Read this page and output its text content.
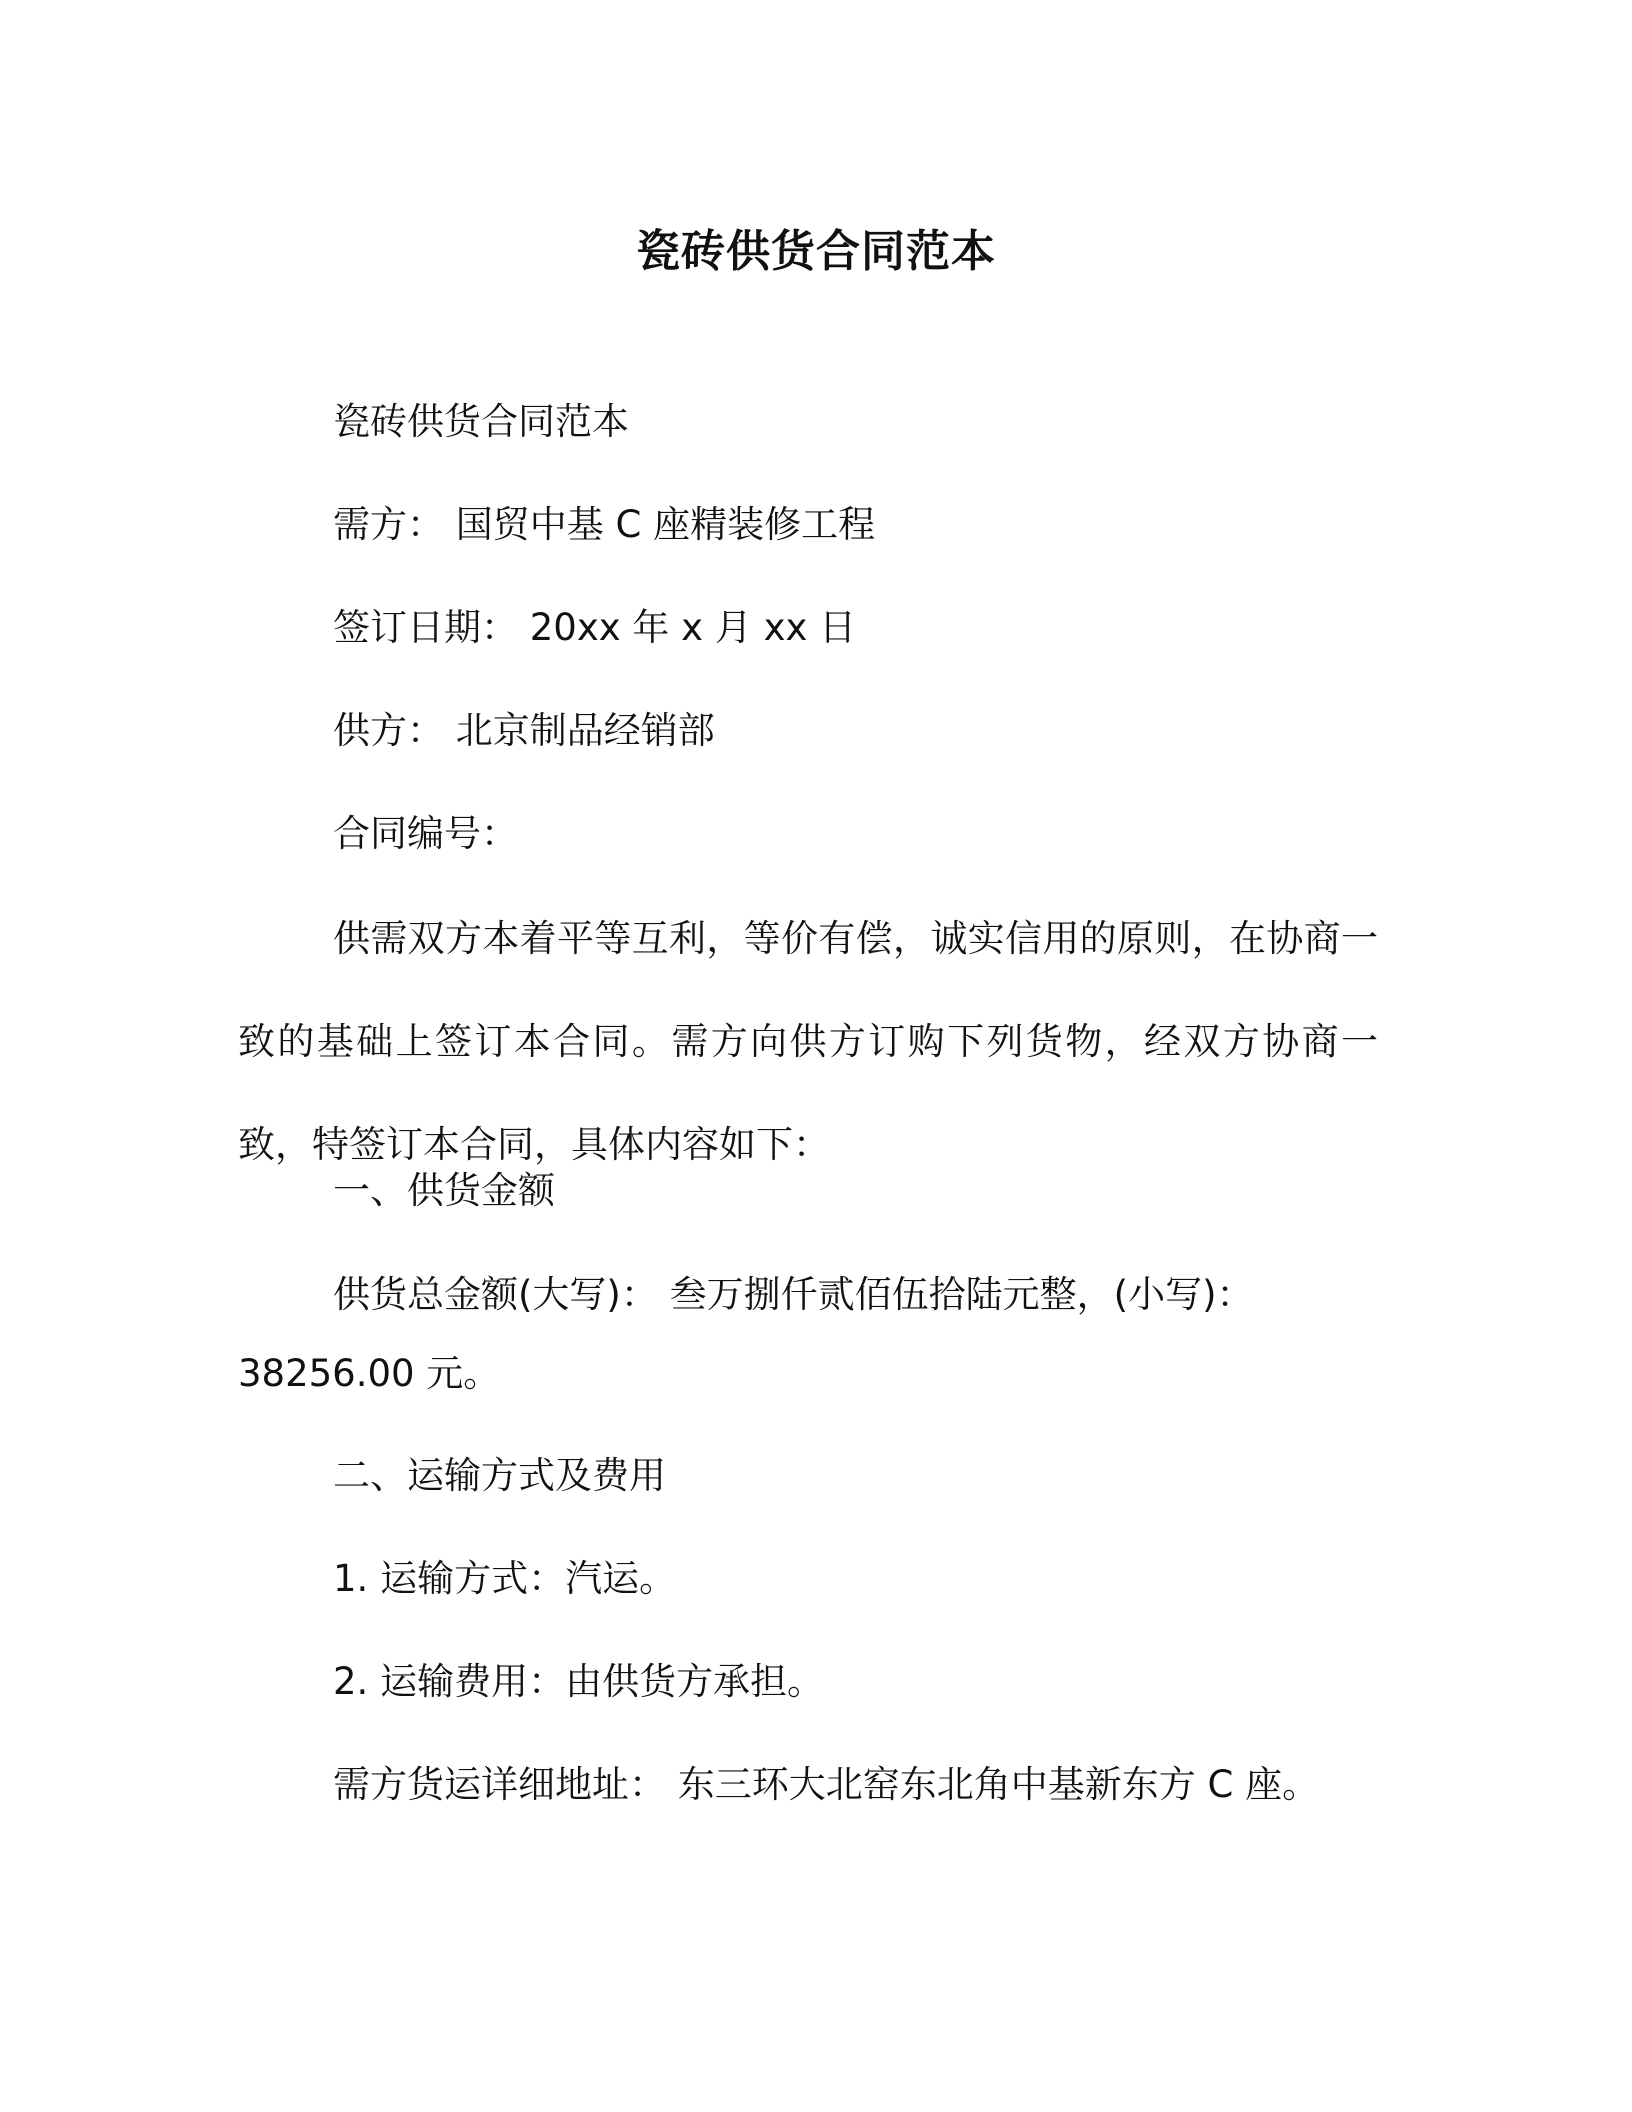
瓷砖供货合同范本
瓷砖供货合同范本
需方： 国贸中基 C 座精装修工程
签订日期： 20xx 年 x 月 xx 日
供方： 北京制品经销部
合同编号：
供需双方本着平等互利，等价有偿，诚实信用的原则，在协商一致的基础上签订本合同。需方向供方订购下列货物，经双方协商一致，特签订本合同，具体内容如下：
一、供货金额
供货总金额(大写)： 叁万捌仟贰佰伍拾陆元整，(小写)：
38256.00 元。
二、运输方式及费用
1. 运输方式：汽运。
2. 运输费用：由供货方承担。
需方货运详细地址： 东三环大北窑东北角中基新东方 C 座。
